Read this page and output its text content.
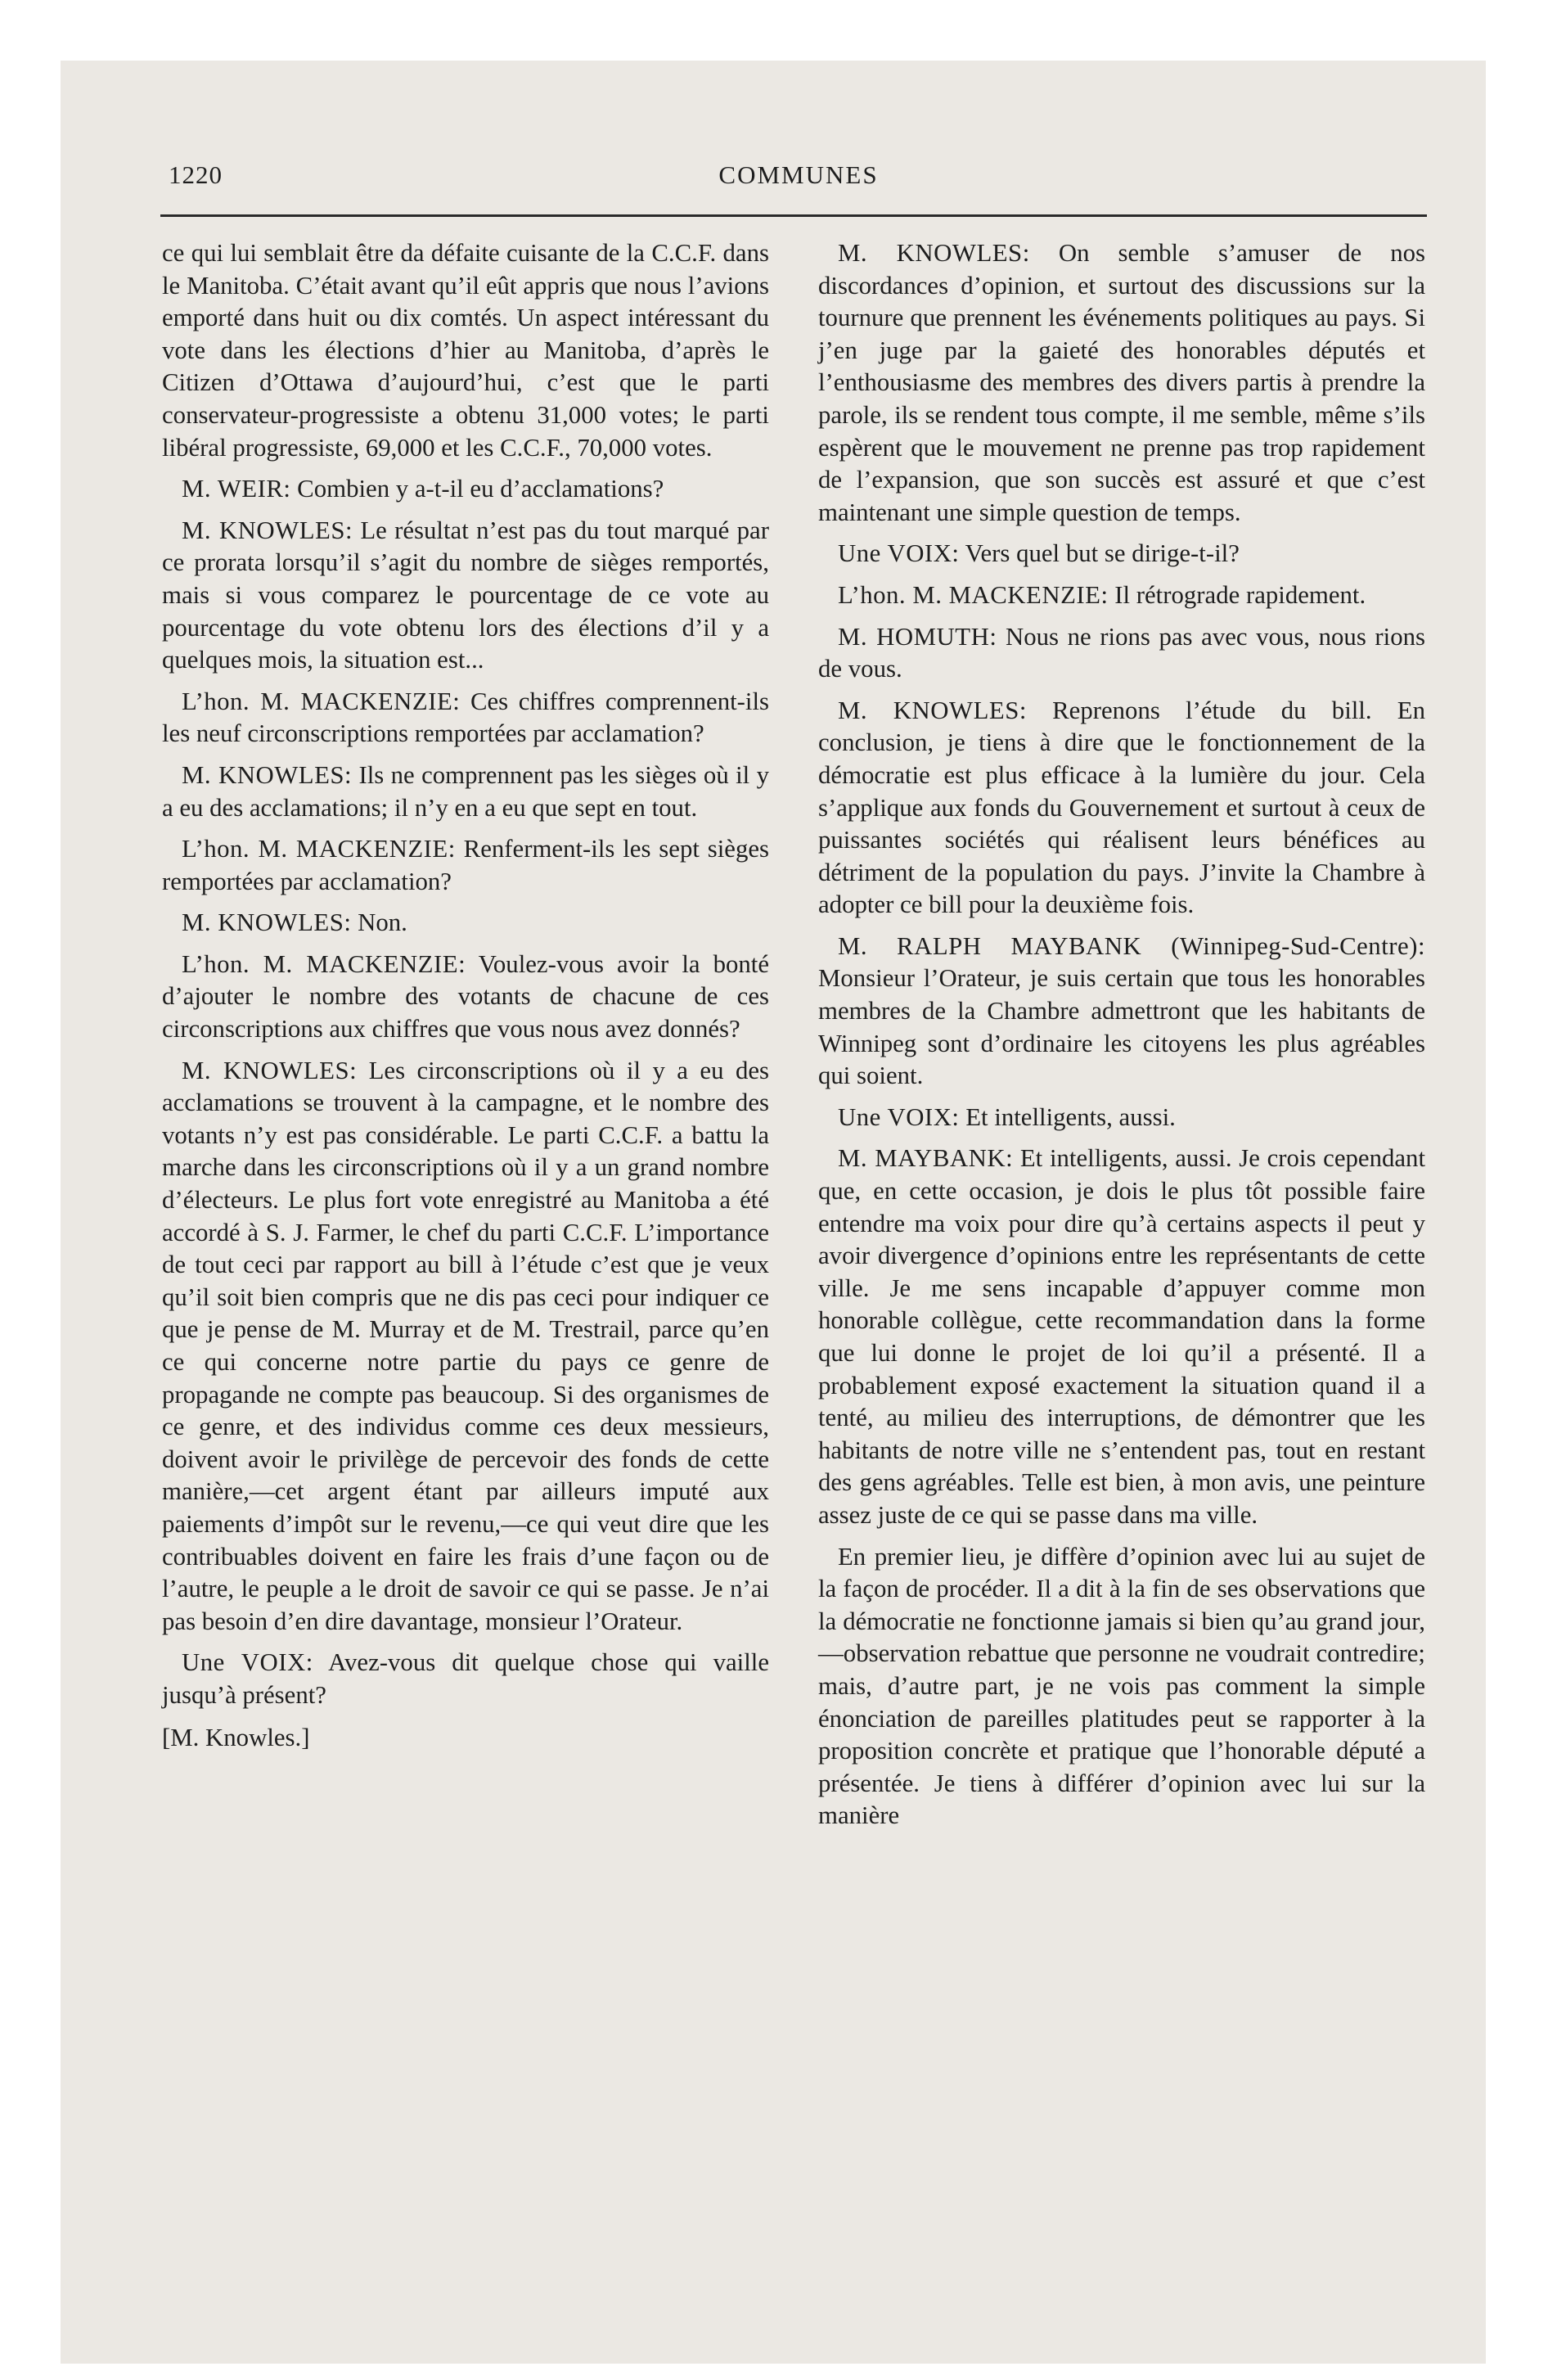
1220	COMMUNES

ce qui lui semblait être da défaite cuisante de la C.C.F. dans le Manitoba. C’était avant qu’il eût appris que nous l’avions emporté dans huit ou dix comtés. Un aspect intéressant du vote dans les élections d’hier au Manitoba, d’après le Citizen d’Ottawa d’aujourd’hui, c’est que le parti conservateur-progressiste a obtenu 31,000 votes; le parti libéral progressiste, 69,000 et les C.C.F., 70,000 votes.

M. WEIR: Combien y a-t-il eu d’acclamations?

M. KNOWLES: Le résultat n’est pas du tout marqué par ce prorata lorsqu’il s’agit du nombre de sièges remportés, mais si vous comparez le pourcentage de ce vote au pourcentage du vote obtenu lors des élections d’il y a quelques mois, la situation est...

L’hon. M. MACKENZIE: Ces chiffres comprennent-ils les neuf circonscriptions remportées par acclamation?

M. KNOWLES: Ils ne comprennent pas les sièges où il y a eu des acclamations; il n’y en a eu que sept en tout.

L’hon. M. MACKENZIE: Renferment-ils les sept sièges remportées par acclamation?

M. KNOWLES: Non.

L’hon. M. MACKENZIE: Voulez-vous avoir la bonté d’ajouter le nombre des votants de chacune de ces circonscriptions aux chiffres que vous nous avez donnés?

M. KNOWLES: Les circonscriptions où il y a eu des acclamations se trouvent à la campagne, et le nombre des votants n’y est pas considérable. Le parti C.C.F. a battu la marche dans les circonscriptions où il y a un grand nombre d’électeurs. Le plus fort vote enregistré au Manitoba a été accordé à S. J. Farmer, le chef du parti C.C.F. L’importance de tout ceci par rapport au bill à l’étude c’est que je veux qu’il soit bien compris que ne dis pas ceci pour indiquer ce que je pense de M. Murray et de M. Trestrail, parce qu’en ce qui concerne notre partie du pays ce genre de propagande ne compte pas beaucoup. Si des organismes de ce genre, et des individus comme ces deux messieurs, doivent avoir le privilège de percevoir des fonds de cette manière,—cet argent étant par ailleurs imputé aux paiements d’impôt sur le revenu,—ce qui veut dire que les contribuables doivent en faire les frais d’une façon ou de l’autre, le peuple a le droit de savoir ce qui se passe. Je n’ai pas besoin d’en dire davantage, monsieur l’Orateur.

Une VOIX: Avez-vous dit quelque chose qui vaille jusqu’à présent?

[M. Knowles.]

M. KNOWLES: On semble s’amuser de nos discordances d’opinion, et surtout des discussions sur la tournure que prennent les événements politiques au pays. Si j’en juge par la gaieté des honorables députés et l’enthousiasme des membres des divers partis à prendre la parole, ils se rendent tous compte, il me semble, même s’ils espèrent que le mouvement ne prenne pas trop rapidement de l’expansion, que son succès est assuré et que c’est maintenant une simple question de temps.

Une VOIX: Vers quel but se dirige-t-il?

L’hon. M. MACKENZIE: Il rétrograde rapidement.

M. HOMUTH: Nous ne rions pas avec vous, nous rions de vous.

M. KNOWLES: Reprenons l’étude du bill. En conclusion, je tiens à dire que le fonctionnement de la démocratie est plus efficace à la lumière du jour. Cela s’applique aux fonds du Gouvernement et surtout à ceux de puissantes sociétés qui réalisent leurs bénéfices au détriment de la population du pays. J’invite la Chambre à adopter ce bill pour la deuxième fois.

M. RALPH MAYBANK (Winnipeg-Sud-Centre): Monsieur l’Orateur, je suis certain que tous les honorables membres de la Chambre admettront que les habitants de Winnipeg sont d’ordinaire les citoyens les plus agréables qui soient.

Une VOIX: Et intelligents, aussi.

M. MAYBANK: Et intelligents, aussi. Je crois cependant que, en cette occasion, je dois le plus tôt possible faire entendre ma voix pour dire qu’à certains aspects il peut y avoir divergence d’opinions entre les représentants de cette ville. Je me sens incapable d’appuyer comme mon honorable collègue, cette recommandation dans la forme que lui donne le projet de loi qu’il a présenté. Il a probablement exposé exactement la situation quand il a tenté, au milieu des interruptions, de démontrer que les habitants de notre ville ne s’entendent pas, tout en restant des gens agréables. Telle est bien, à mon avis, une peinture assez juste de ce qui se passe dans ma ville.

En premier lieu, je diffère d’opinion avec lui au sujet de la façon de procéder. Il a dit à la fin de ses observations que la démocratie ne fonctionne jamais si bien qu’au grand jour,—observation rebattue que personne ne voudrait contredire; mais, d’autre part, je ne vois pas comment la simple énonciation de pareilles platitudes peut se rapporter à la proposition concrète et pratique que l’honorable député a présentée. Je tiens à différer d’opinion avec lui sur la manière
